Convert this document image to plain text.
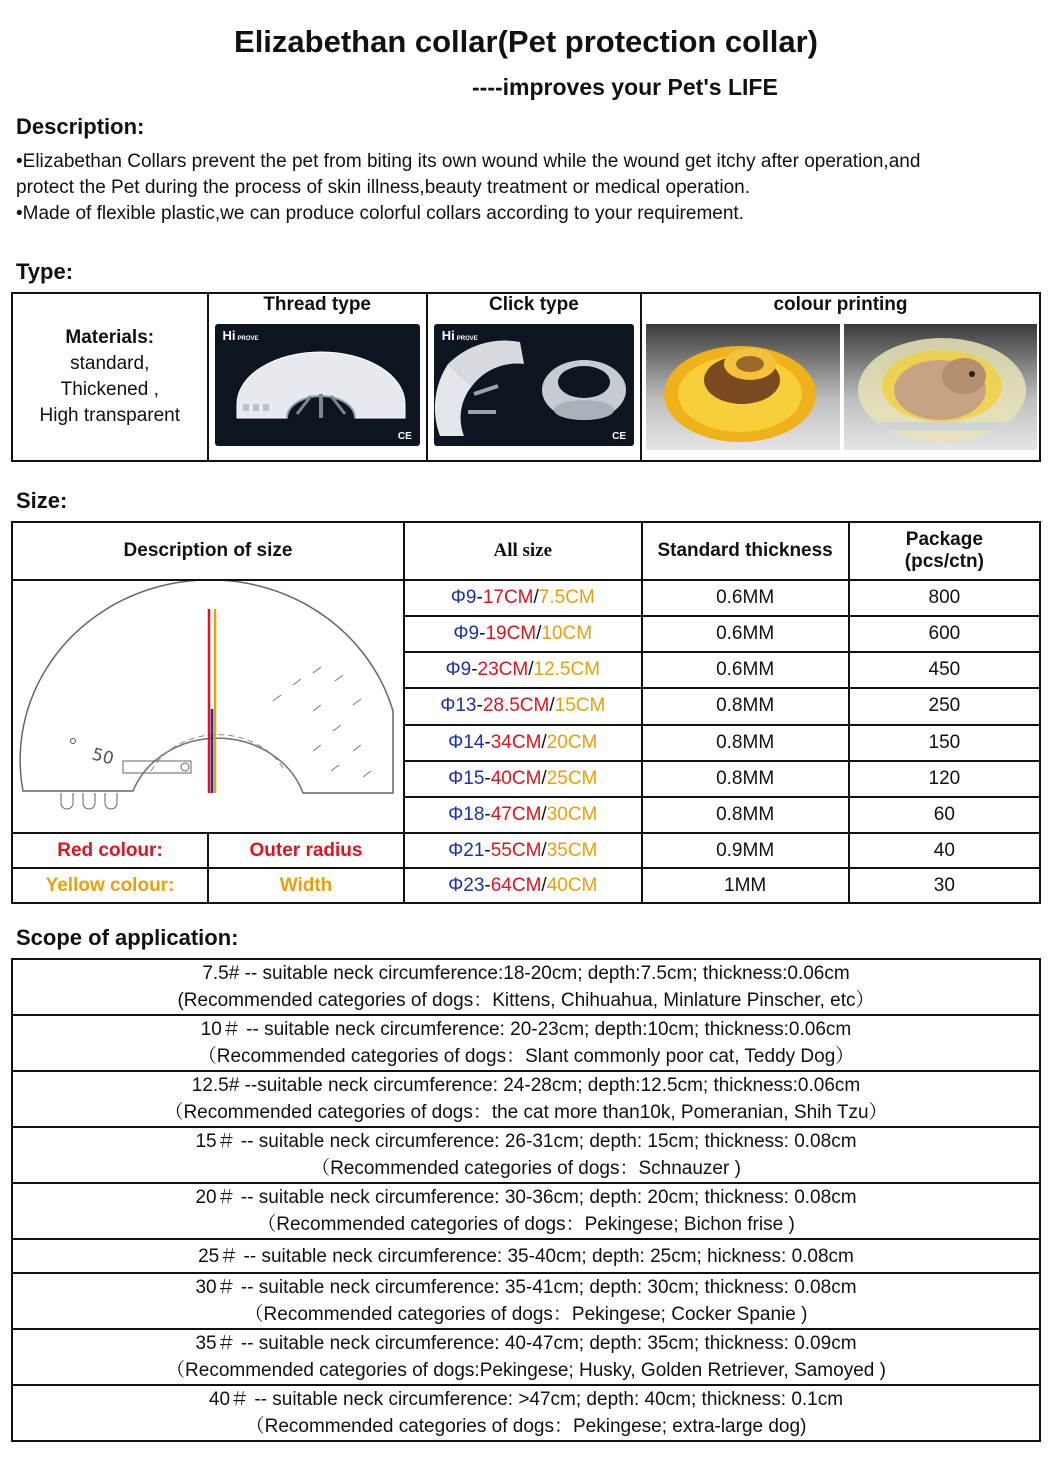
Elizabethan collar(Pet protection collar)
----improves your Pet's LIFE
Description:

•Elizabethan Collars prevent the pet from biting its own wound while the wound get itchy after operation,and

protect the Pet during the process of skin illness,beauty treatment or medical operation.

•Made of flexible plastic,we can produce colorful collars according to your requirement.

Type:
Materials:
standard,
Thickened ,
High transparent	Thread type	Click type	colour printing

	Hi PROVE
CE	Hi PROVE
CE

Size:
Description of size		All size	Standard thickness	Package
(pcs/ctn)

50		Φ9-17CM/7.5CM	0.6MM	800
		Φ9-19CM/10CM	0.6MM	600
		Φ9-23CM/12.5CM	0.6MM	450
		Φ13-28.5CM/15CM	0.8MM	250
		Φ14-34CM/20CM	0.8MM	150
		Φ15-40CM/25CM	0.8MM	120
		Φ18-47CM/30CM	0.8MM	60
Red colour:	Outer radius	Φ21-55CM/35CM	0.9MM	40
Yellow colour:	Width	Φ23-64CM/40CM	1MM	30
Scope of application:
7.5# -- suitable neck circumference:18-20cm; depth:7.5cm; thickness:0.06cm
(Recommended categories of dogs：Kittens, Chihuahua, Minlature Pinscher, etc）

10＃ -- suitable neck circumference: 20-23cm; depth:10cm; thickness:0.06cm
（Recommended categories of dogs：Slant commonly poor cat, Teddy Dog）

12.5# --suitable neck circumference: 24-28cm; depth:12.5cm; thickness:0.06cm
（Recommended categories of dogs：the cat more than10k, Pomeranian, Shih Tzu）

15＃ -- suitable neck circumference: 26-31cm; depth: 15cm; thickness: 0.08cm
（Recommended categories of dogs：Schnauzer )

20＃ -- suitable neck circumference: 30-36cm; depth: 20cm; thickness: 0.08cm
（Recommended categories of dogs：Pekingese; Bichon frise )

25＃ -- suitable neck circumference: 35-40cm; depth: 25cm; hickness: 0.08cm

30＃ -- suitable neck circumference: 35-41cm; depth: 30cm; thickness: 0.08cm
（Recommended categories of dogs：Pekingese; Cocker Spanie )

35＃ -- suitable neck circumference: 40-47cm; depth: 35cm; thickness: 0.09cm
（Recommended categories of dogs:Pekingese; Husky, Golden Retriever, Samoyed )

40＃ -- suitable neck circumference: >47cm; depth: 40cm; thickness: 0.1cm
（Recommended categories of dogs：Pekingese; extra-large dog)
